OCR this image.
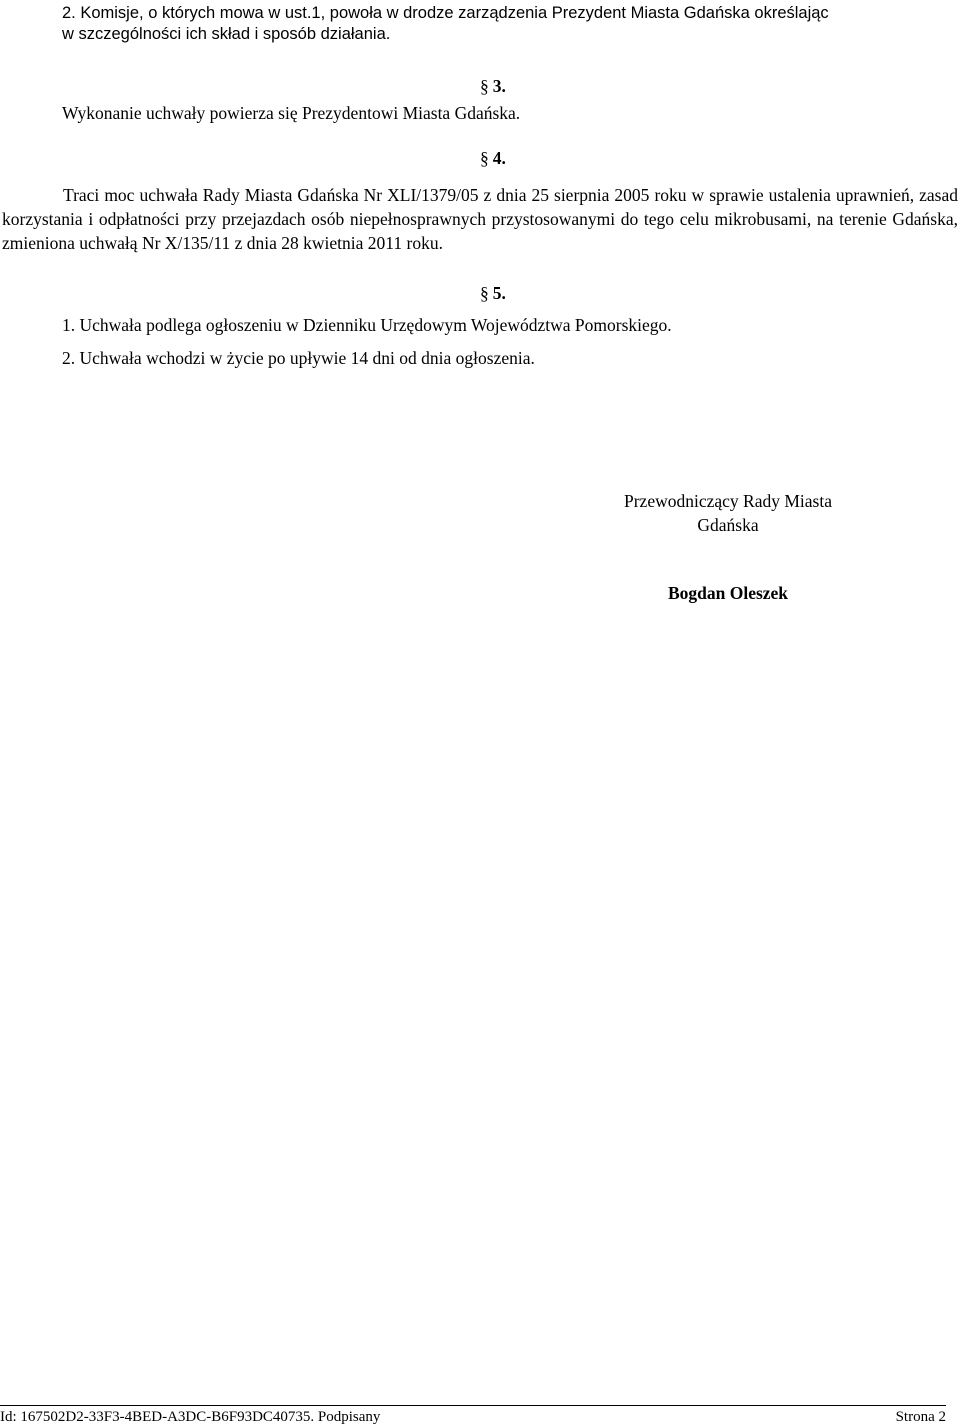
2. Komisje, o których mowa w ust.1, powoła w drodze zarządzenia Prezydent Miasta Gdańska określając
w szczególności ich skład i sposób działania.
§ 3.
Wykonanie uchwały powierza się Prezydentowi Miasta Gdańska.
§ 4.

Traci moc uchwała Rady Miasta Gdańska Nr XLI/1379/05 z dnia 25 sierpnia 2005 roku w sprawie ustalenia uprawnień, zasad korzystania i odpłatności przy przejazdach osób niepełnosprawnych przystosowanymi do tego celu mikrobusami, na terenie Gdańska, zmieniona uchwałą Nr X/135/11 z dnia 28 kwietnia 2011 roku.

§ 5.
1. Uchwała podlega ogłoszeniu w Dzienniku Urzędowym Województwa Pomorskiego.
2. Uchwała wchodzi w życie po upływie 14 dni od dnia ogłoszenia.
Przewodniczący Rady Miasta
Gdańska
Bogdan Oleszek
Id: 167502D2-33F3-4BED-A3DC-B6F93DC40735. Podpisany	Strona 2
